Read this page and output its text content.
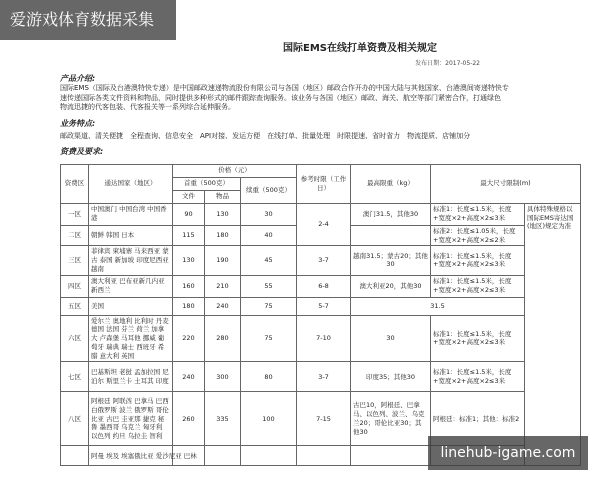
爱游戏体育数据采集
linehub-igame.com
国际EMS在线打单资费及相关规定
发布日期：2017-05-22
产品介绍:
国际EMS（国际及台港澳特快专递）是中国邮政速递物流股份有限公司与各国（地区）邮政合作开办的中国大陆与其他国家、台港澳间寄递特快专
速传递国际各类文件资料和物品，同时提供多种形式的邮件跟踪查询服务。该业务与各国（地区）邮政、海关、航空等部门紧密合作，打通绿色
物流迅捷的代客包装、代客报关等一系列综合延伸服务。
业务特点:
邮政渠道、清关便捷　全程查询、信息安全　API对接、发运方便　在线打单、批量处理　时限提速、省时省力　物流提质、店铺加分
资费及要求:
资费区	通达国家（地区）	价格（元）			参考时限（工作日）	最高限重（kg）	最大尺寸限制(m)	
		首重（500克）		续重（500克）				
		文件	物品					
一区	中国澳门 中国台湾 中国香港	90	130	30	2-4	澳门31.5，其他30	标准1：长度≤1.5米，长度+宽度×2+高度×2≤3米	具体特殊规格以国际EMS寄达国(地区)规定为准
二区	朝鲜 韩国 日本	115	180	40			标准2：长度≤1.05米，长度+宽度×2+高度×2≤2米	
三区	菲律宾 柬埔寨 马来西亚 蒙古 泰国 新加坡 印度尼西亚 越南	130	190	45	3-7	越南31.5；蒙古20；其他30	标准1：长度≤1.5米，长度+宽度×2+高度×2≤3米	
四区	澳大利亚 巴布亚新几内亚 新西兰	160	210	55	6-8	澳大利亚20，其他30	标准1：长度≤1.5米，长度+宽度×2+高度×2≤3米	
五区	美国	180	240	75	5-7	31.5		
六区	爱尔兰 奥地利 比利时 丹麦 德国 法国 芬兰 荷兰 加拿大 卢森堡 马耳他 挪威 葡萄牙 瑞典 瑞士 西班牙 希腊 意大利 英国	220	280	75	7-10	30	标准1：长度≤1.5米，长度+宽度×2+高度×2≤3米	
七区	巴基斯坦 老挝 孟加拉国 尼泊尔 斯里兰卡 土耳其 印度	240	300	80	3-7	印度35；其他30	标准1：长度≤1.5米，长度+宽度×2+高度×2≤3米	
八区	阿根廷 阿联酋 巴拿马 巴西 白俄罗斯 波兰 俄罗斯 哥伦比亚 古巴 圭亚那 捷克 秘鲁 墨西哥 乌克兰 匈牙利 以色列 约旦 乌拉圭 智利	260	335	100	7-15	古巴10，阿根廷、巴拿马、以色列、波兰、乌克兰20；哥伦比亚30；其他30	阿根廷：标准1；其他：标准2	
	阿曼 埃及 埃塞俄比亚 爱沙尼亚 巴林							
